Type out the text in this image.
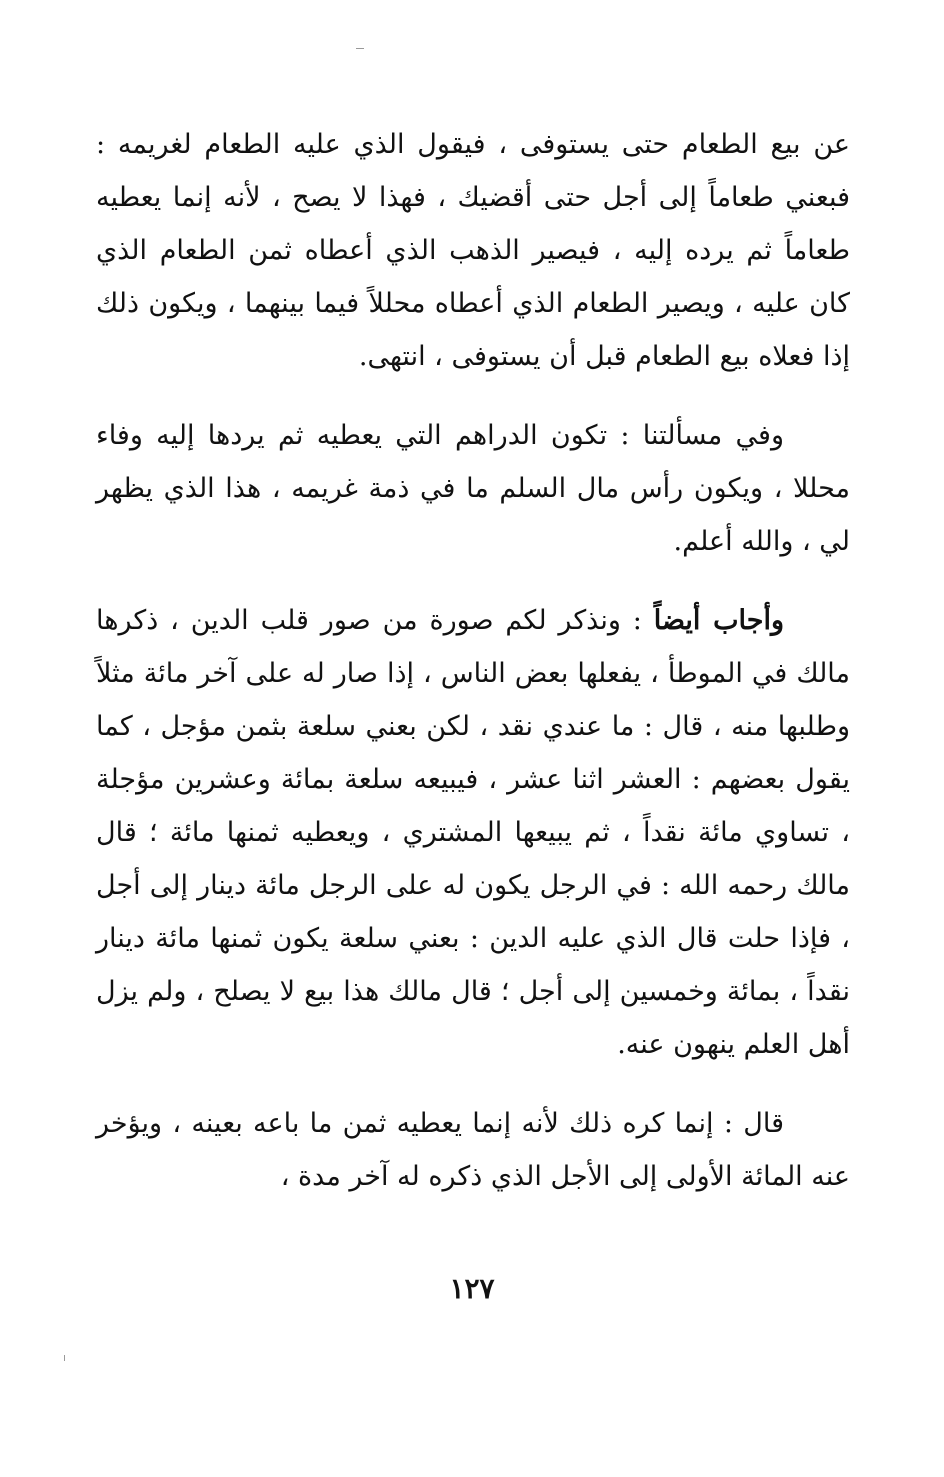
عن بيع الطعام حتى يستوفى ، فيقول الذي عليه الطعام لغريمه : فبعني طعاماً إلى أجل حتى أقضيك ، فهذا لا يصح ، لأنه إنما يعطيه طعاماً ثم يرده إليه ، فيصير الذهب الذي أعطاه ثمن الطعام الذي كان عليه ، ويصير الطعام الذي أعطاه محللاً فيما بينهما ، ويكون ذلك إذا فعلاه بيع الطعام قبل أن يستوفى ، انتهى.

وفي مسألتنا : تكون الدراهم التي يعطيه ثم يردها إليه وفاء محللا ، ويكون رأس مال السلم ما في ذمة غريمه ، هذا الذي يظهر لي ، والله أعلم.

وأجاب أيضاً : ونذكر لكم صورة من صور قلب الدين ، ذكرها مالك في الموطأ ، يفعلها بعض الناس ، إذا صار له على آخر مائة مثلاً وطلبها منه ، قال : ما عندي نقد ، لكن بعني سلعة بثمن مؤجل ، كما يقول بعضهم : العشر اثنا عشر ، فيبيعه سلعة بمائة وعشرين مؤجلة ، تساوي مائة نقداً ، ثم يبيعها المشتري ، ويعطيه ثمنها مائة ؛ قال مالك رحمه الله : في الرجل يكون له على الرجل مائة دينار إلى أجل ، فإذا حلت قال الذي عليه الدين : بعني سلعة يكون ثمنها مائة دينار نقداً ، بمائة وخمسين إلى أجل ؛ قال مالك هذا بيع لا يصلح ، ولم يزل أهل العلم ينهون عنه.

قال : إنما كره ذلك لأنه إنما يعطيه ثمن ما باعه بعينه ، ويؤخر عنه المائة الأولى إلى الأجل الذي ذكره له آخر مدة ،

١٢٧
